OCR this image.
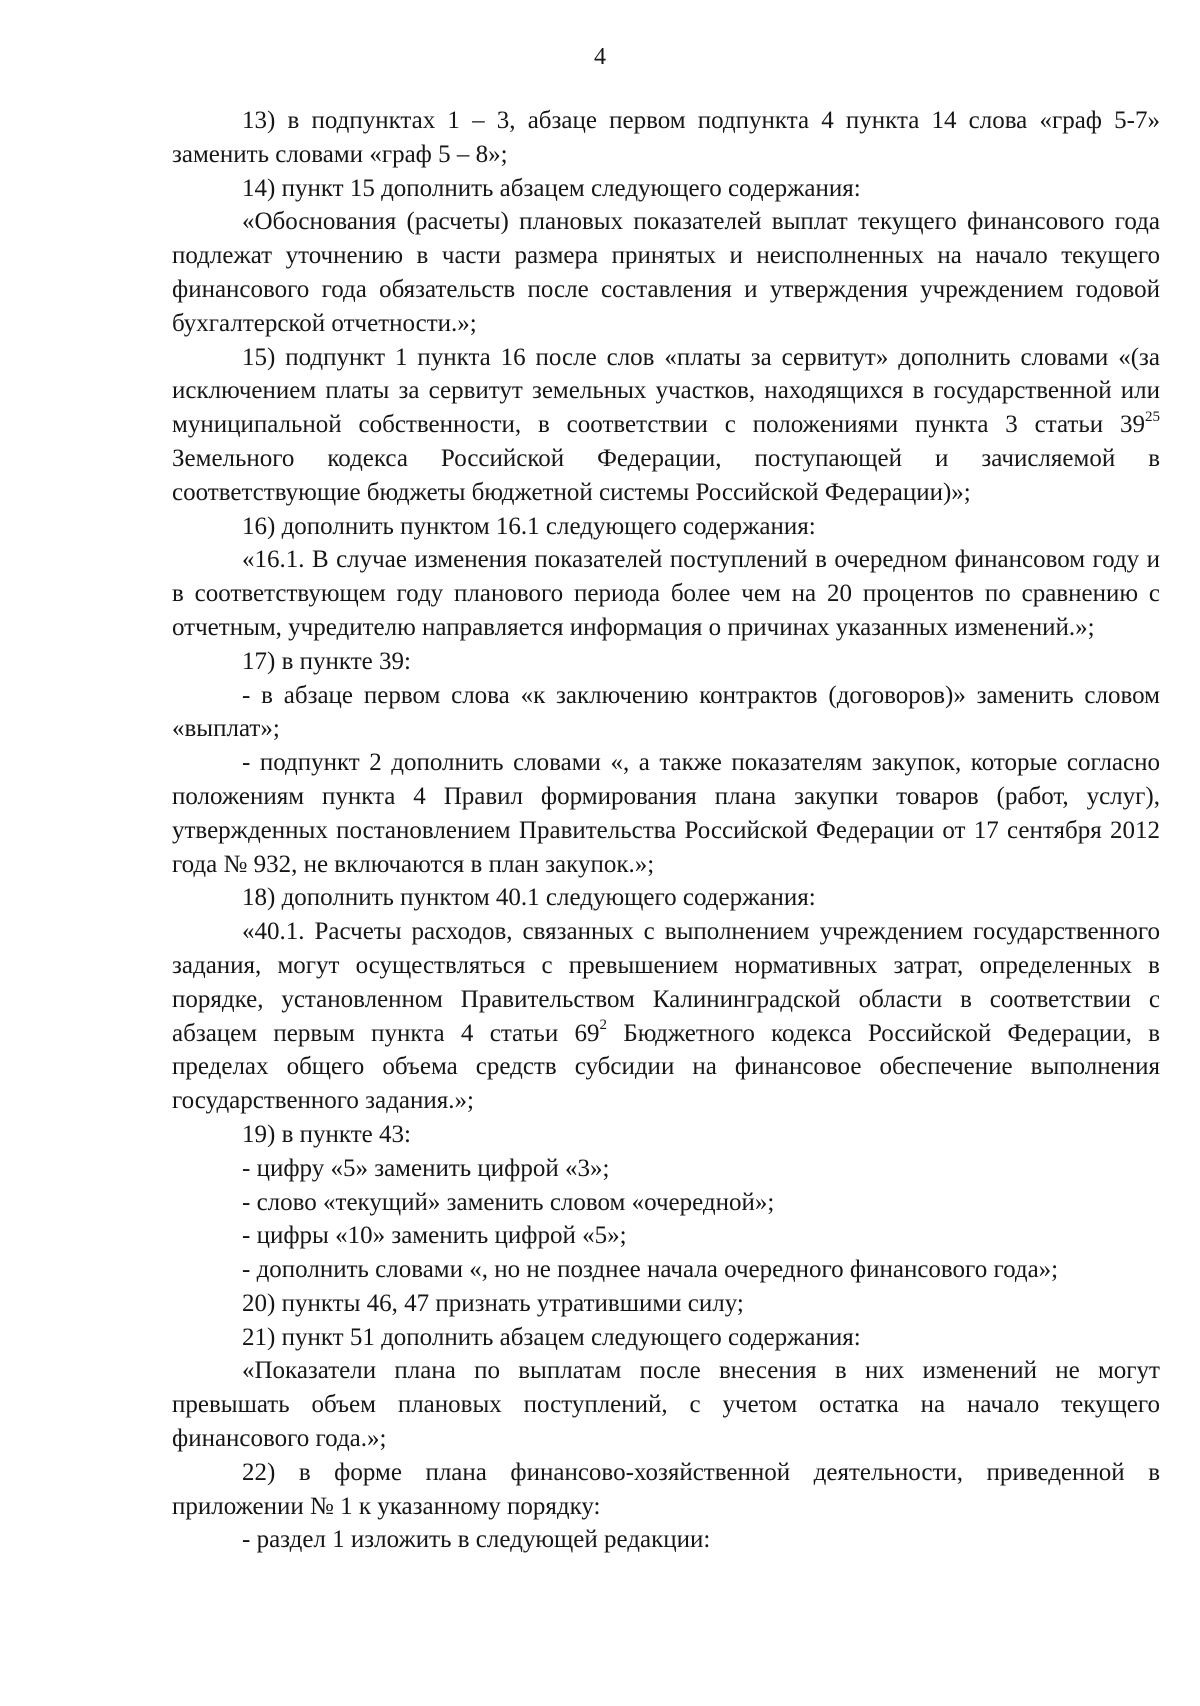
4

13) в подпунктах 1 – 3, абзаце первом подпункта 4 пункта 14 слова «граф 5-7» заменить словами «граф 5 – 8»;

14) пункт 15 дополнить абзацем следующего содержания:

«Обоснования (расчеты) плановых показателей выплат текущего финансового года подлежат уточнению в части размера принятых и неисполненных на начало текущего финансового года обязательств после составления и утверждения учреждением годовой бухгалтерской отчетности.»;

15) подпункт 1 пункта 16 после слов «платы за сервитут» дополнить словами «(за исключением платы за сервитут земельных участков, находящихся в государственной или муниципальной собственности, в соответствии с положениями пункта 3 статьи $39^{25}$ Земельного кодекса Российской Федерации, поступающей и зачисляемой в соответствующие бюджеты бюджетной системы Российской Федерации)»;

16) дополнить пунктом 16.1 следующего содержания:

«16.1. В случае изменения показателей поступлений в очередном финансовом году и в соответствующем году планового периода более чем на 20 процентов по сравнению с отчетным, учредителю направляется информация о причинах указанных изменений.»;

17) в пункте 39:

- в абзаце первом слова «к заключению контрактов (договоров)» заменить словом «выплат»;

- подпункт 2 дополнить словами «, а также показателям закупок, которые согласно положениям пункта 4 Правил формирования плана закупки товаров (работ, услуг), утвержденных постановлением Правительства Российской Федерации от 17 сентября 2012 года № 932, не включаются в план закупок.»;

18) дополнить пунктом 40.1 следующего содержания:

«40.1. Расчеты расходов, связанных с выполнением учреждением государственного задания, могут осуществляться с превышением нормативных затрат, определенных в порядке, установленном Правительством Калининградской области в соответствии с абзацем первым пункта 4 статьи $69^2$ Бюджетного кодекса Российской Федерации, в пределах общего объема средств субсидии на финансовое обеспечение выполнения государственного задания.»;

19) в пункте 43:

- цифру «5» заменить цифрой «3»;

- слово «текущий» заменить словом «очередной»;

- цифры «10» заменить цифрой «5»;

- дополнить словами «, но не позднее начала очередного финансового года»;

20) пункты 46, 47 признать утратившими силу;

21) пункт 51 дополнить абзацем следующего содержания:

«Показатели плана по выплатам после внесения в них изменений не могут превышать объем плановых поступлений, с учетом остатка на начало текущего финансового года.»;

22) в форме плана финансово-хозяйственной деятельности, приведенной в приложении № 1 к указанному порядку:

- раздел 1 изложить в следующей редакции:
